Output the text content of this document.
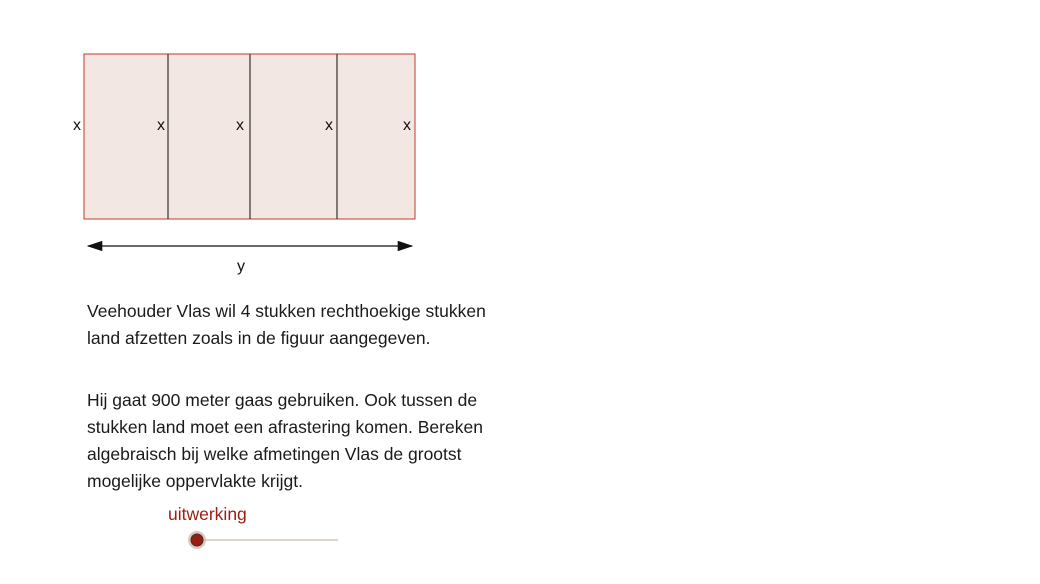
x	x	x	x	x
y

Veehouder Vlas wil 4 stukken rechthoekige stukken land afzetten zoals in de figuur aangegeven.

Hij gaat 900 meter gaas gebruiken. Ook tussen de stukken land moet een afrastering komen. Bereken algebraisch bij welke afmetingen Vlas de grootst mogelijke oppervlakte krijgt.

uitwerking
